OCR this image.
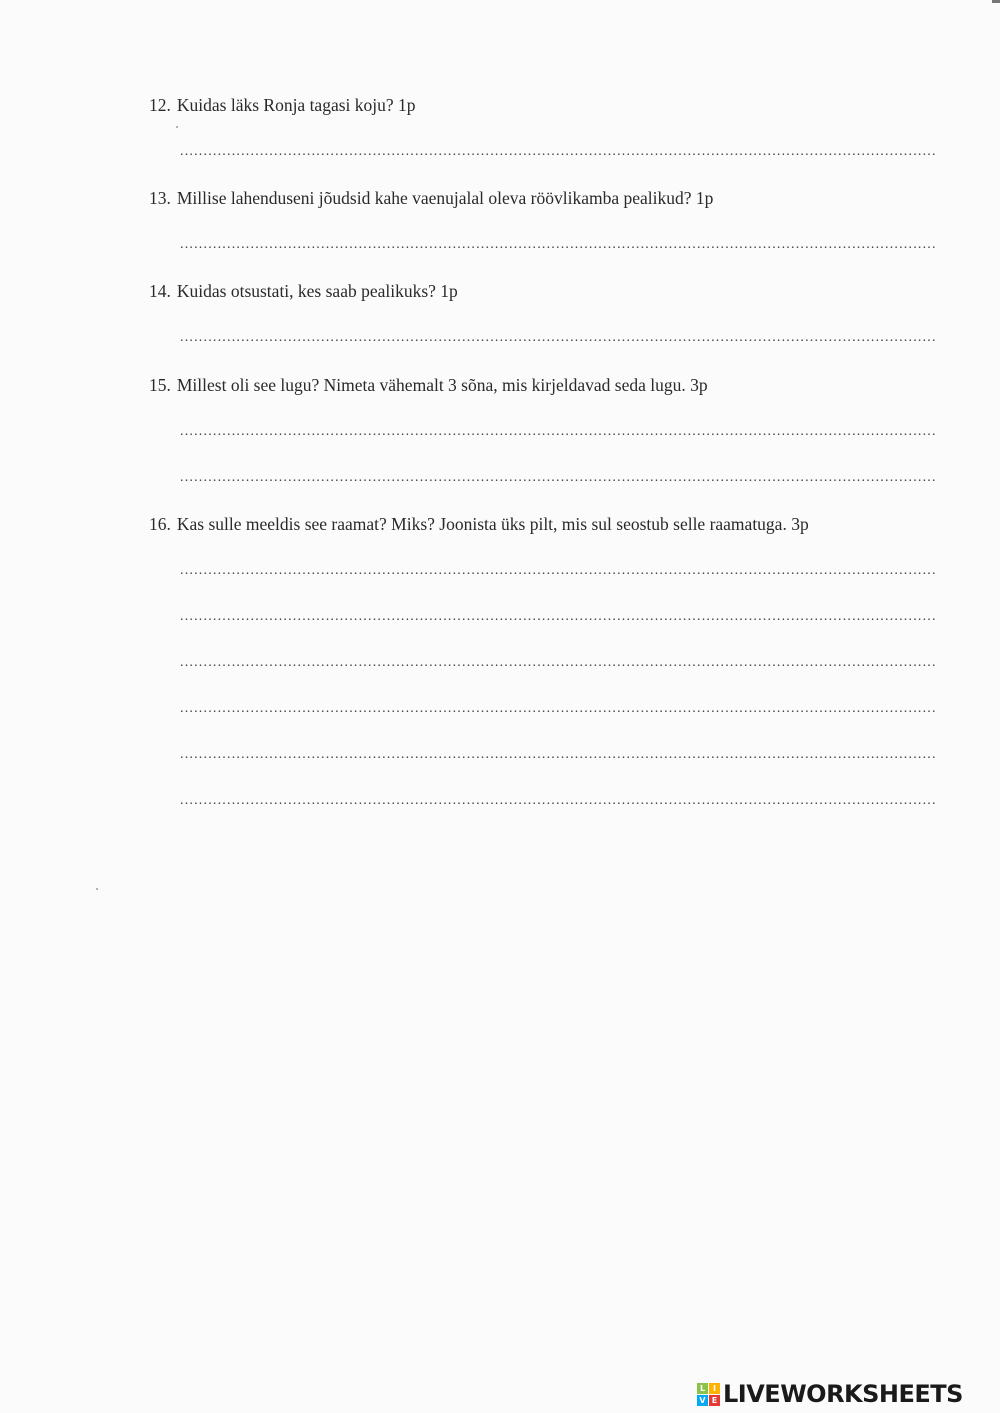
12. Kuidas läks Ronja tagasi koju? 1p
.....
13. Millise lahenduseni jõudsid kahe vaenujalal oleva röövlikamba pealikud? 1p
.....
14. Kuidas otsustati, kes saab pealikuks? 1p
.....
15. Millest oli see lugu? Nimeta vähemalt 3 sõna, mis kirjeldavad seda lugu. 3p
.....
.....
16. Kas sulle meeldis see raamat? Miks? Joonista üks pilt, mis sul seostub selle raamatuga. 3p
.....
.....
.....
.....
.....
.....
L I
V E LIVEWORKSHEETS
